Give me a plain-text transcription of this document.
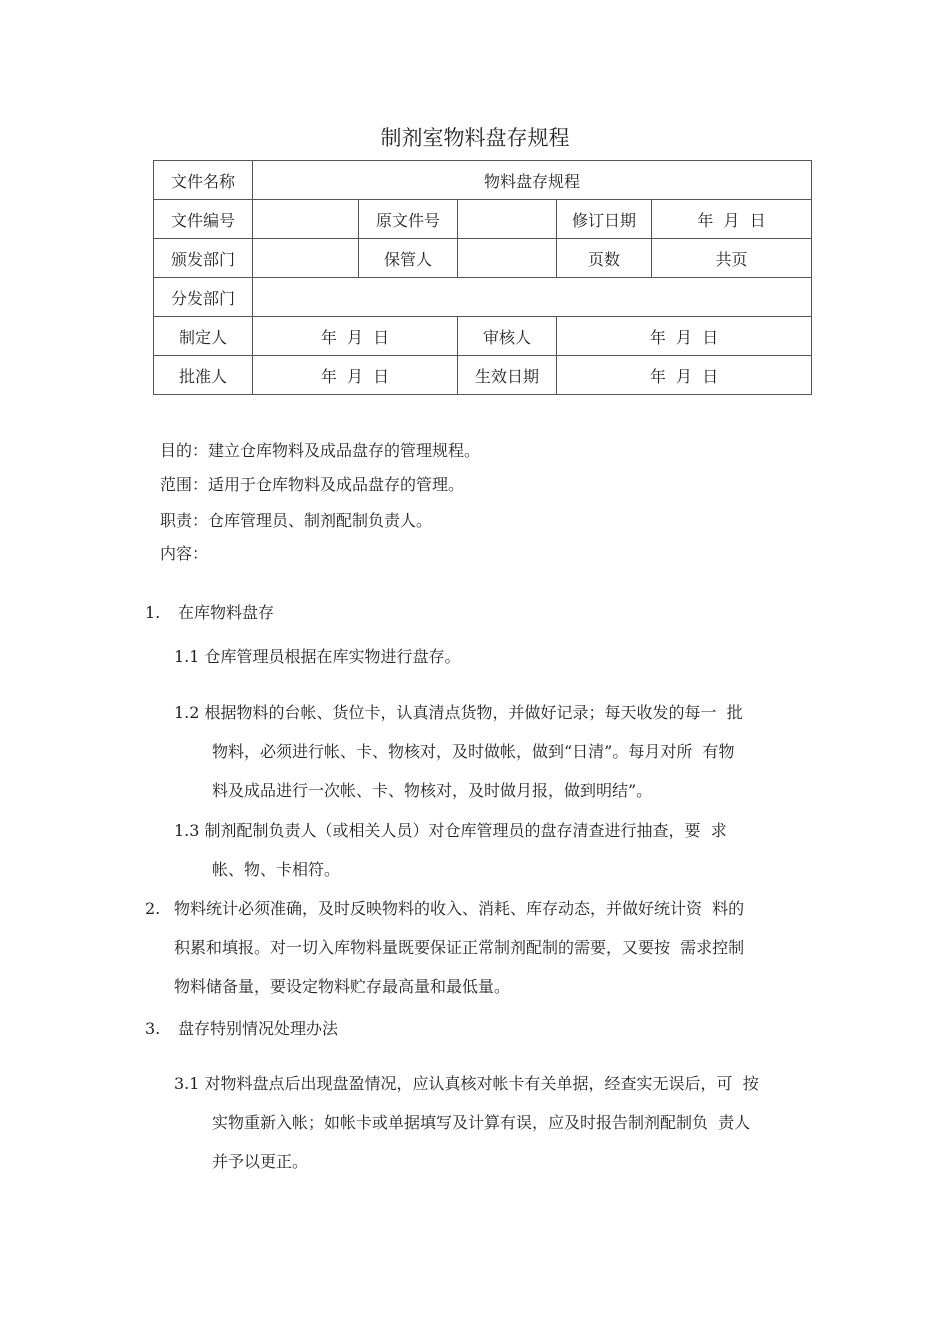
制剂室物料盘存规程
文件名称	物料盘存规程				
文件编号		原文件号		修订日期	年  月  日
颁发部门		保管人		页数	共页
分发部门					
制定人	年  月  日		审核人	年  月  日	
批准人	年  月  日		生效日期	年  月  日	
目的：建立仓库物料及成品盘存的管理规程。
范围：适用于仓库物料及成品盘存的管理。
职责：仓库管理员、制剂配制负责人。
内容：
1. 在库物料盘存
1.1 仓库管理员根据在库实物进行盘存。
1.2 根据物料的台帐、货位卡，认真清点货物，并做好记录；每天收发的每一  批
物料，必须进行帐、卡、物核对，及时做帐，做到“日清”。每月对所  有物
料及成品进行一次帐、卡、物核对，及时做月报，做到明结”。
1.3 制剂配制负责人（或相关人员）对仓库管理员的盘存清查进行抽查，要  求
帐、物、卡相符。
2. 物料统计必须准确，及时反映物料的收入、消耗、库存动态，并做好统计资  料的
积累和填报。对一切入库物料量既要保证正常制剂配制的需要，又要按  需求控制
物料储备量，要设定物料贮存最高量和最低量。
3. 盘存特别情况处理办法
3.1 对物料盘点后出现盘盈情况，应认真核对帐卡有关单据，经查实无误后，可  按
实物重新入帐；如帐卡或单据填写及计算有误，应及时报告制剂配制负  责人
并予以更正。
